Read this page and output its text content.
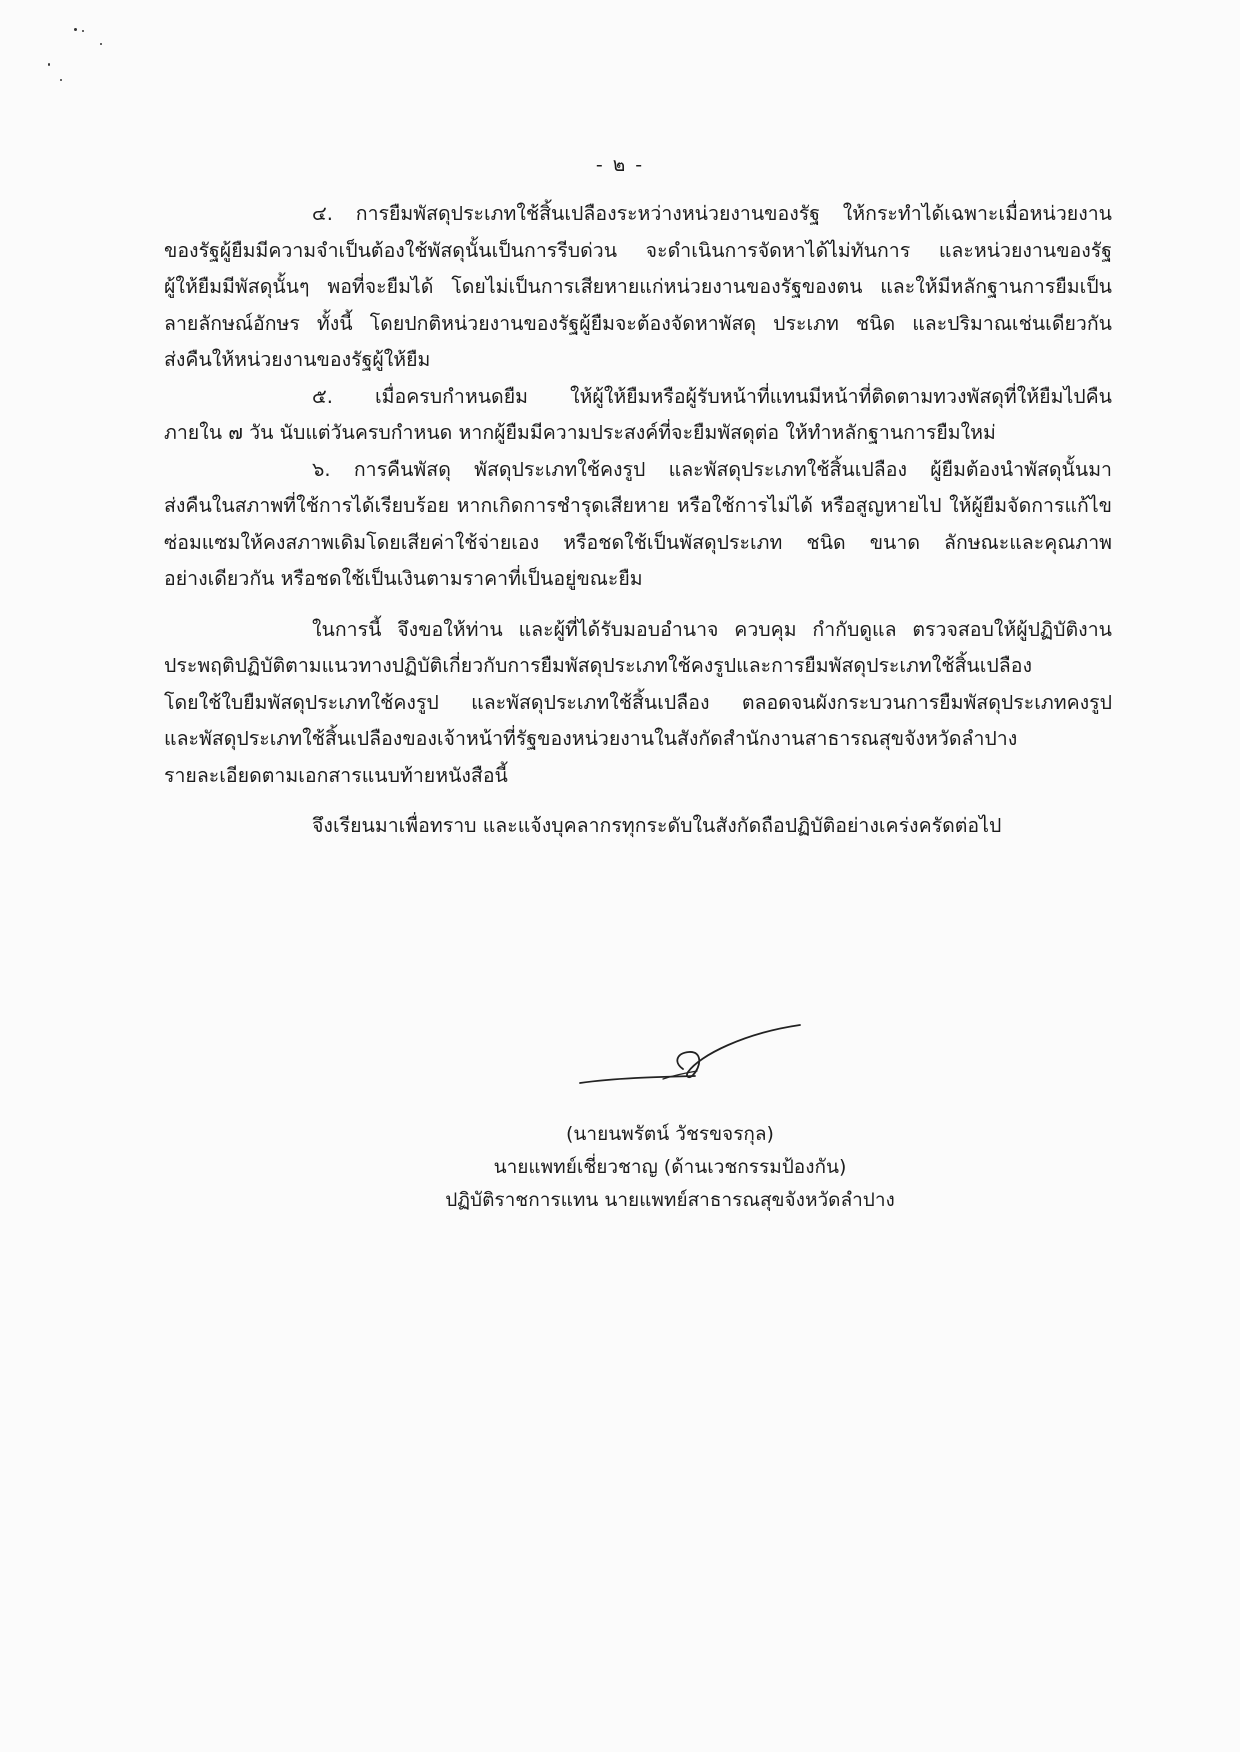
- ๒ -
๔. การยืมพัสดุประเภทใช้สิ้นเปลืองระหว่างหน่วยงานของรัฐ ให้กระทำได้เฉพาะเมื่อหน่วยงาน
ของรัฐผู้ยืมมีความจำเป็นต้องใช้พัสดุนั้นเป็นการรีบด่วน จะดำเนินการจัดหาได้ไม่ทันการ และหน่วยงานของรัฐ
ผู้ให้ยืมมีพัสดุนั้นๆ พอที่จะยืมได้ โดยไม่เป็นการเสียหายแก่หน่วยงานของรัฐของตน และให้มีหลักฐานการยืมเป็น
ลายลักษณ์อักษร ทั้งนี้ โดยปกติหน่วยงานของรัฐผู้ยืมจะต้องจัดหาพัสดุ ประเภท ชนิด และปริมาณเช่นเดียวกัน
ส่งคืนให้หน่วยงานของรัฐผู้ให้ยืม
๕. เมื่อครบกำหนดยืม ให้ผู้ให้ยืมหรือผู้รับหน้าที่แทนมีหน้าที่ติดตามทวงพัสดุที่ให้ยืมไปคืน
ภายใน ๗ วัน นับแต่วันครบกำหนด หากผู้ยืมมีความประสงค์ที่จะยืมพัสดุต่อ ให้ทำหลักฐานการยืมใหม่
๖. การคืนพัสดุ พัสดุประเภทใช้คงรูป และพัสดุประเภทใช้สิ้นเปลือง ผู้ยืมต้องนำพัสดุนั้นมา
ส่งคืนในสภาพที่ใช้การได้เรียบร้อย หากเกิดการชำรุดเสียหาย หรือใช้การไม่ได้ หรือสูญหายไป ให้ผู้ยืมจัดการแก้ไข
ซ่อมแซมให้คงสภาพเดิมโดยเสียค่าใช้จ่ายเอง หรือชดใช้เป็นพัสดุประเภท ชนิด ขนาด ลักษณะและคุณภาพ
อย่างเดียวกัน หรือชดใช้เป็นเงินตามราคาที่เป็นอยู่ขณะยืม
ในการนี้ จึงขอให้ท่าน และผู้ที่ได้รับมอบอำนาจ ควบคุม กำกับดูแล ตรวจสอบให้ผู้ปฏิบัติงาน
ประพฤติปฏิบัติตามแนวทางปฏิบัติเกี่ยวกับการยืมพัสดุประเภทใช้คงรูปและการยืมพัสดุประเภทใช้สิ้นเปลือง
โดยใช้ใบยืมพัสดุประเภทใช้คงรูป และพัสดุประเภทใช้สิ้นเปลือง ตลอดจนผังกระบวนการยืมพัสดุประเภทคงรูป
และพัสดุประเภทใช้สิ้นเปลืองของเจ้าหน้าที่รัฐของหน่วยงานในสังกัดสำนักงานสาธารณสุขจังหวัดลำปาง
รายละเอียดตามเอกสารแนบท้ายหนังสือนี้
จึงเรียนมาเพื่อทราบ และแจ้งบุคลากรทุกระดับในสังกัดถือปฏิบัติอย่างเคร่งครัดต่อไป
(นายนพรัตน์ วัชรขจรกุล)
นายแพทย์เชี่ยวชาญ (ด้านเวชกรรมป้องกัน)
ปฏิบัติราชการแทน นายแพทย์สาธารณสุขจังหวัดลำปาง
